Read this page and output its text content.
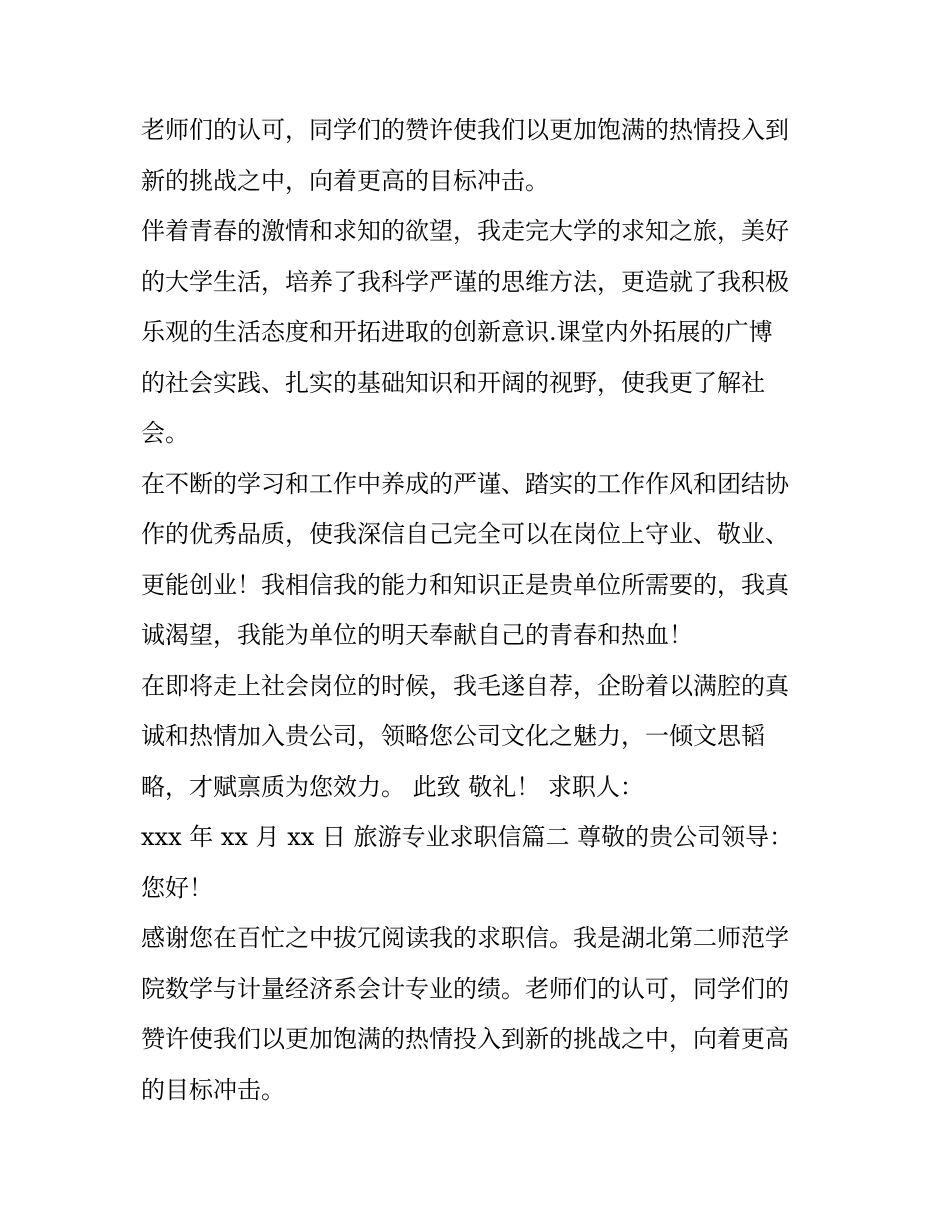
老师们的认可，同学们的赞许使我们以更加饱满的热情投入到
新的挑战之中，向着更高的目标冲击。
伴着青春的激情和求知的欲望，我走完大学的求知之旅，美好
的大学生活，培养了我科学严谨的思维方法，更造就了我积极
乐观的生活态度和开拓进取的创新意识.课堂内外拓展的广博
的社会实践、扎实的基础知识和开阔的视野，使我更了解社
会。
在不断的学习和工作中养成的严谨、踏实的工作作风和团结协
作的优秀品质，使我深信自己完全可以在岗位上守业、敬业、
更能创业！我相信我的能力和知识正是贵单位所需要的，我真
诚渴望，我能为单位的明天奉献自己的青春和热血！
在即将走上社会岗位的时候，我毛遂自荐，企盼着以满腔的真
诚和热情加入贵公司，领略您公司文化之魅力，一倾文思韬
略，才赋禀质为您效力。 此致 敬礼！ 求职人：
xxx 年 xx 月 xx 日 旅游专业求职信篇二 尊敬的贵公司领导：
您好！
感谢您在百忙之中拔冗阅读我的求职信。我是湖北第二师范学
院数学与计量经济系会计专业的绩。老师们的认可，同学们的
赞许使我们以更加饱满的热情投入到新的挑战之中，向着更高
的目标冲击。
